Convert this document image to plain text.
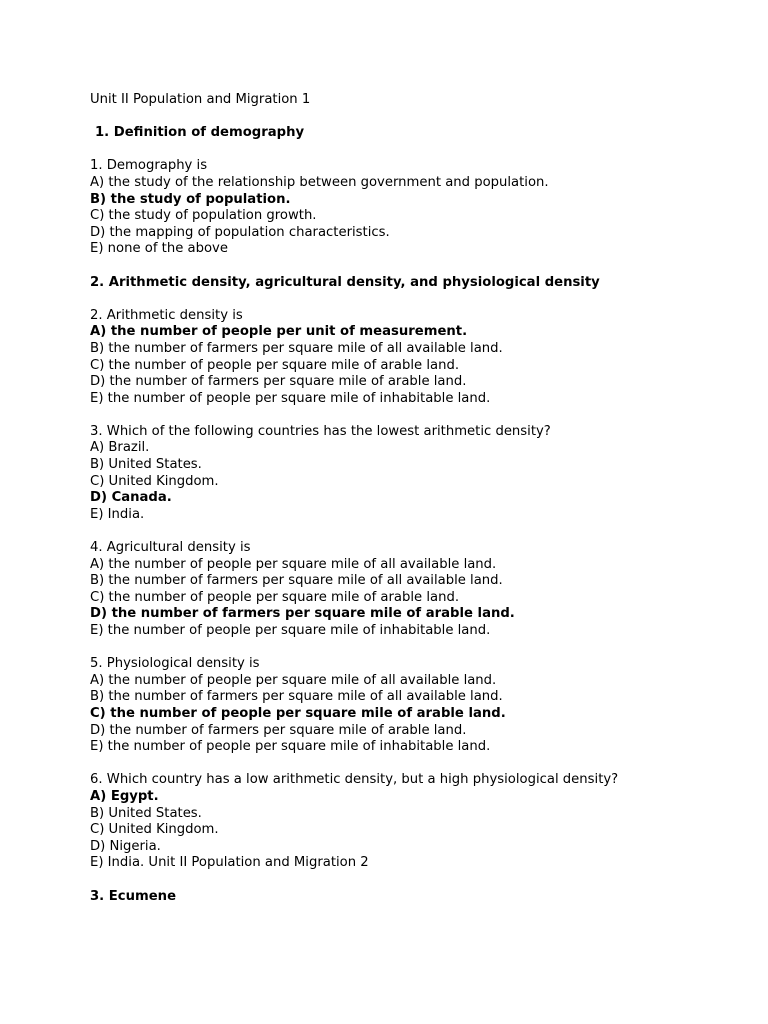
Unit II Population and Migration 1
1. Definition of demography
1. Demography is
A) the study of the relationship between government and population.
B) the study of population.
C) the study of population growth.
D) the mapping of population characteristics.
E) none of the above
2. Arithmetic density, agricultural density, and physiological density
2. Arithmetic density is
A) the number of people per unit of measurement.
B) the number of farmers per square mile of all available land.
C) the number of people per square mile of arable land.
D) the number of farmers per square mile of arable land.
E) the number of people per square mile of inhabitable land.
3. Which of the following countries has the lowest arithmetic density?
A) Brazil.
B) United States.
C) United Kingdom.
D) Canada.
E) India.
4. Agricultural density is
A) the number of people per square mile of all available land.
B) the number of farmers per square mile of all available land.
C) the number of people per square mile of arable land.
D) the number of farmers per square mile of arable land.
E) the number of people per square mile of inhabitable land.
5. Physiological density is
A) the number of people per square mile of all available land.
B) the number of farmers per square mile of all available land.
C) the number of people per square mile of arable land.
D) the number of farmers per square mile of arable land.
E) the number of people per square mile of inhabitable land.
6. Which country has a low arithmetic density, but a high physiological density?
A) Egypt.
B) United States.
C) United Kingdom.
D) Nigeria.
E) India. Unit II Population and Migration 2
3. Ecumene
